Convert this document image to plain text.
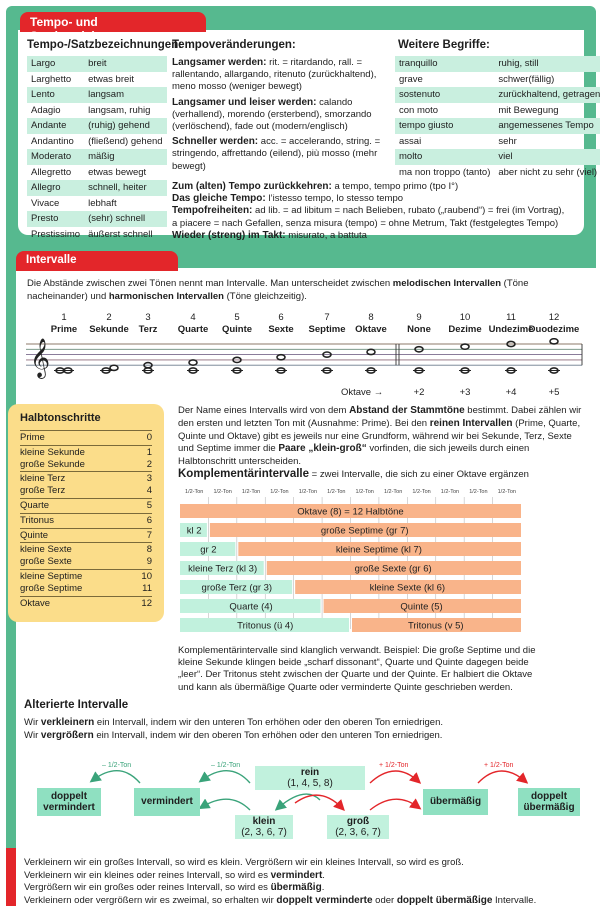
Tempo- und Satzbezeichnungen
Intervalle
Tempo-/Satzbezeichnungen:
Largo	breit
Larghetto	etwas breit
Lento	langsam
Adagio	langsam, ruhig
Andante	(ruhig) gehend
Andantino	(fließend) gehend
Moderato	mäßig
Allegretto	etwas bewegt
Allegro	schnell, heiter
Vivace	lebhaft
Presto	(sehr) schnell
Prestissimo	äußerst schnell
Tempoveränderungen:
Langsamer werden: rit. = ritardando, rall. = rallentando, allargando, ritenuto (zurückhaltend), meno mosso (weniger bewegt)
Langsamer und leiser werden: calando (verhallend), morendo (ersterbend), smorzando (verlöschend), fade out (modern/englisch)
Schneller werden: acc. = accelerando, string. = stringendo, affrettando (eilend), più mosso (mehr bewegt)
Zum (alten) Tempo zurückkehren: a tempo, tempo primo (tpo I°)
Das gleiche Tempo: l’istesso tempo, lo stesso tempo
Tempofreiheiten: ad lib. = ad libitum = nach Belieben, rubato („raubend“) = frei (im Vortrag), a piacere = nach Gefallen, senza misura (tempo) = ohne Metrum, Takt (festgelegtes Tempo)
Wieder (streng) im Takt: misurato, a battuta
Weitere Begriffe:
tranquillo	ruhig, still
grave	schwer(fällig)
sostenuto	zurückhaltend, getragen
con moto	mit Bewegung
tempo giusto	angemessenes Tempo
assai	sehr
molto	viel
ma non troppo (tanto)	aber nicht zu sehr (viel)
Die Abstände zwischen zwei Tönen nennt man Intervalle. Man unterscheidet zwischen melodischen Intervallen (Töne nacheinander) und harmonischen Intervallen (Töne gleichzeitig).
1
Prime
2
Sekunde
3
Terz
4
Quarte
5
Quinte
6
Sexte
7
Septime
8
Oktave
9
None
10
Dezime
11
Undezime
12
Duodezime
𝄞
Oktave →	+2	+3	+4	+5
Halbtonschritte
Prime	0
kleine Sekunde	1
große Sekunde	2
kleine Terz	3
große Terz	4
Quarte	5
Tritonus	6
Quinte	7
kleine Sexte	8
große Sexte	9
kleine Septime	10
große Septime	11
Oktave	12
Der Name eines Intervalls wird von dem Abstand der Stammtöne bestimmt. Dabei zählen wir den ersten und letzten Ton mit (Ausnahme: Prime). Bei den reinen Intervallen (Prime, Quarte, Quinte und Oktave) gibt es jeweils nur eine Grundform, während wir bei Sekunde, Terz, Sexte und Septime immer die Paare „klein-groß“ vorfinden, die sich jeweils durch einen Halbtonschritt unterscheiden.
Komplementärintervalle = zwei Intervalle, die sich zu einer Oktave ergänzen
1/2-Ton 1/2-Ton 1/2-Ton 1/2-Ton 1/2-Ton 1/2-Ton 1/2-Ton 1/2-Ton 1/2-Ton 1/2-Ton 1/2-Ton 1/2-Ton
Oktave (8) = 12 Halbtöne
kl 2	große Septime (gr 7)
gr 2	kleine Septime (kl 7)
kleine Terz (kl 3)	große Sexte (gr 6)
große Terz (gr 3)	kleine Sexte (kl 6)
Quarte (4)	Quinte (5)
Tritonus (ü 4)	Tritonus (v 5)
Komplementärintervalle sind klanglich verwandt. Beispiel: Die große Septime und die kleine Sekunde klingen beide „scharf dissonant“, Quarte und Quinte dagegen beide „leer“. Der Tritonus steht zwischen der Quarte und der Quinte. Er halbiert die Oktave und kann als übermäßige Quarte oder verminderte Quinte geschrieben werden.
Alterierte Intervalle
Wir verkleinern ein Intervall, indem wir den unteren Ton erhöhen oder den oberen Ton erniedrigen.
Wir vergrößern ein Intervall, indem wir den oberen Ton erhöhen oder den unteren Ton erniedrigen.
– 1/2-Ton	– 1/2-Ton	+ 1/2-Ton	+ 1/2-Ton
doppelt
vermindert
vermindert
rein
(1, 4, 5, 8)
klein
(2, 3, 6, 7)
groß
(2, 3, 6, 7)
übermäßig
doppelt
übermäßig
Verkleinern wir ein großes Intervall, so wird es klein. Vergrößern wir ein kleines Intervall, so wird es groß.
Verkleinern wir ein kleines oder reines Intervall, so wird es vermindert.
Vergrößern wir ein großes oder reines Intervall, so wird es übermäßig.
Verkleinern oder vergrößern wir es zweimal, so erhalten wir doppelt verminderte oder doppelt übermäßige Intervalle.
